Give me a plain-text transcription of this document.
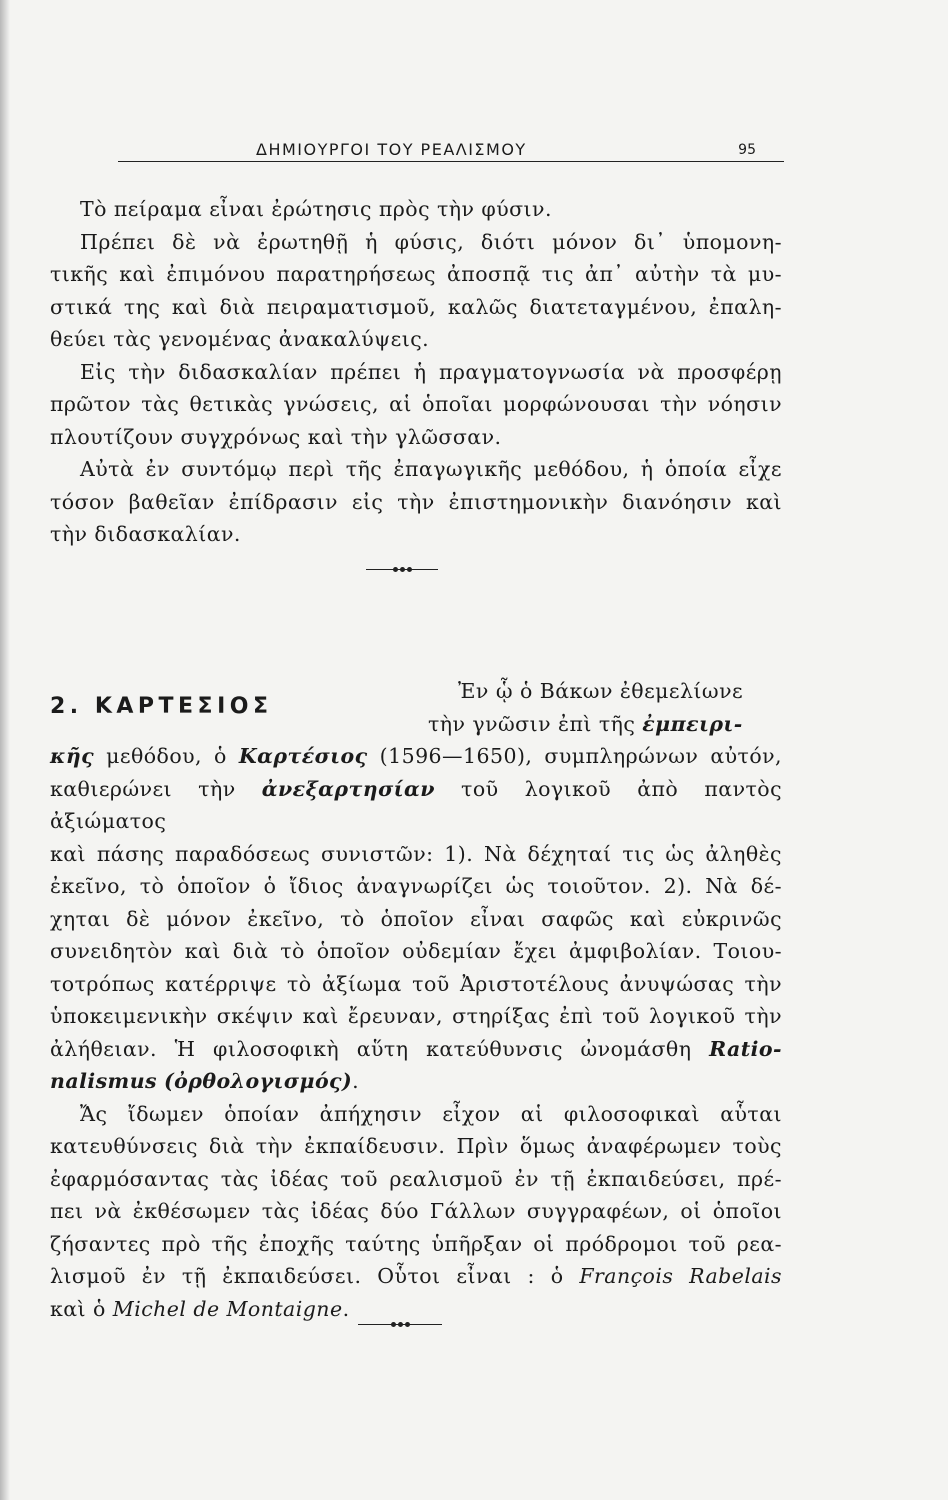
ΔΗΜΙΟΥΡΓΟΙ ΤΟΥ ΡΕΑΛΙΣΜΟΥ	95
Τὸ πείραμα εἶναι ἐρώτησις πρὸς τὴν φύσιν.
Πρέπει δὲ νὰ ἐρωτηθῇ ἡ φύσις, διότι μόνον δι᾽ ὑπομονη-
τικῆς καὶ ἐπιμόνου παρατηρήσεως ἀποσπᾷ τις ἀπ᾽ αὐτὴν τὰ μυ-
στικά της καὶ διὰ πειραματισμοῦ, καλῶς διατεταγμένου, ἐπαλη-
θεύει τὰς γενομένας ἀνακαλύψεις.
Εἰς τὴν διδασκαλίαν πρέπει ἡ πραγματογνωσία νὰ προσφέρῃ
πρῶτον τὰς θετικὰς γνώσεις, αἱ ὁποῖαι μορφώνουσαι τὴν νόησιν
πλουτίζουν συγχρόνως καὶ τὴν γλῶσσαν.
Αὐτὰ ἐν συντόμῳ περὶ τῆς ἐπαγωγικῆς μεθόδου, ἡ ὁποία εἶχε
τόσον βαθεῖαν ἐπίδρασιν εἰς τὴν ἐπιστημονικὴν διανόησιν καὶ
τὴν διδασκαλίαν.
2. ΚΑΡΤΕΣΙΟΣ
Ἐν ᾧ ὁ Βάκων ἐθεμελίωνε
τὴν γνῶσιν ἐπὶ τῆς ἐμπειρι-
κῆς μεθόδου, ὁ Καρτέσιος (1596—1650), συμπληρώνων αὐτόν,
καθιερώνει τὴν ἀνεξαρτησίαν τοῦ λογικοῦ ἀπὸ παντὸς ἀξιώματος
καὶ πάσης παραδόσεως συνιστῶν: 1). Νὰ δέχηταί τις ὡς ἀληθὲς
ἐκεῖνο, τὸ ὁποῖον ὁ ἴδιος ἀναγνωρίζει ὡς τοιοῦτον. 2). Νὰ δέ-
χηται δὲ μόνον ἐκεῖνο, τὸ ὁποῖον εἶναι σαφῶς καὶ εὐκρινῶς
συνειδητὸν καὶ διὰ τὸ ὁποῖον οὐδεμίαν ἔχει ἀμφιβολίαν. Τοιου-
τοτρόπως κατέρριψε τὸ ἀξίωμα τοῦ Ἀριστοτέλους ἀνυψώσας τὴν
ὑποκειμενικὴν σκέψιν καὶ ἔρευναν, στηρίξας ἐπὶ τοῦ λογικοῦ τὴν
ἀλήθειαν. Ἡ φιλοσοφικὴ αὕτη κατεύθυνσις ὠνομάσθη Ratio-
nalismus (ὀρθολογισμός).
Ἄς ἴδωμεν ὁποίαν ἀπήχησιν εἶχον αἱ φιλοσοφικαὶ αὗται
κατευθύνσεις διὰ τὴν ἐκπαίδευσιν. Πρὶν ὅμως ἀναφέρωμεν τοὺς
ἐφαρμόσαντας τὰς ἰδέας τοῦ ρεαλισμοῦ ἐν τῇ ἐκπαιδεύσει, πρέ-
πει νὰ ἐκθέσωμεν τὰς ἰδέας δύο Γάλλων συγγραφέων, οἱ ὁποῖοι
ζήσαντες πρὸ τῆς ἐποχῆς ταύτης ὑπῆρξαν οἱ πρόδρομοι τοῦ ρεα-
λισμοῦ ἐν τῇ ἐκπαιδεύσει. Οὗτοι εἶναι : ὁ François Rabelais
καὶ ὁ Michel de Montaigne.
